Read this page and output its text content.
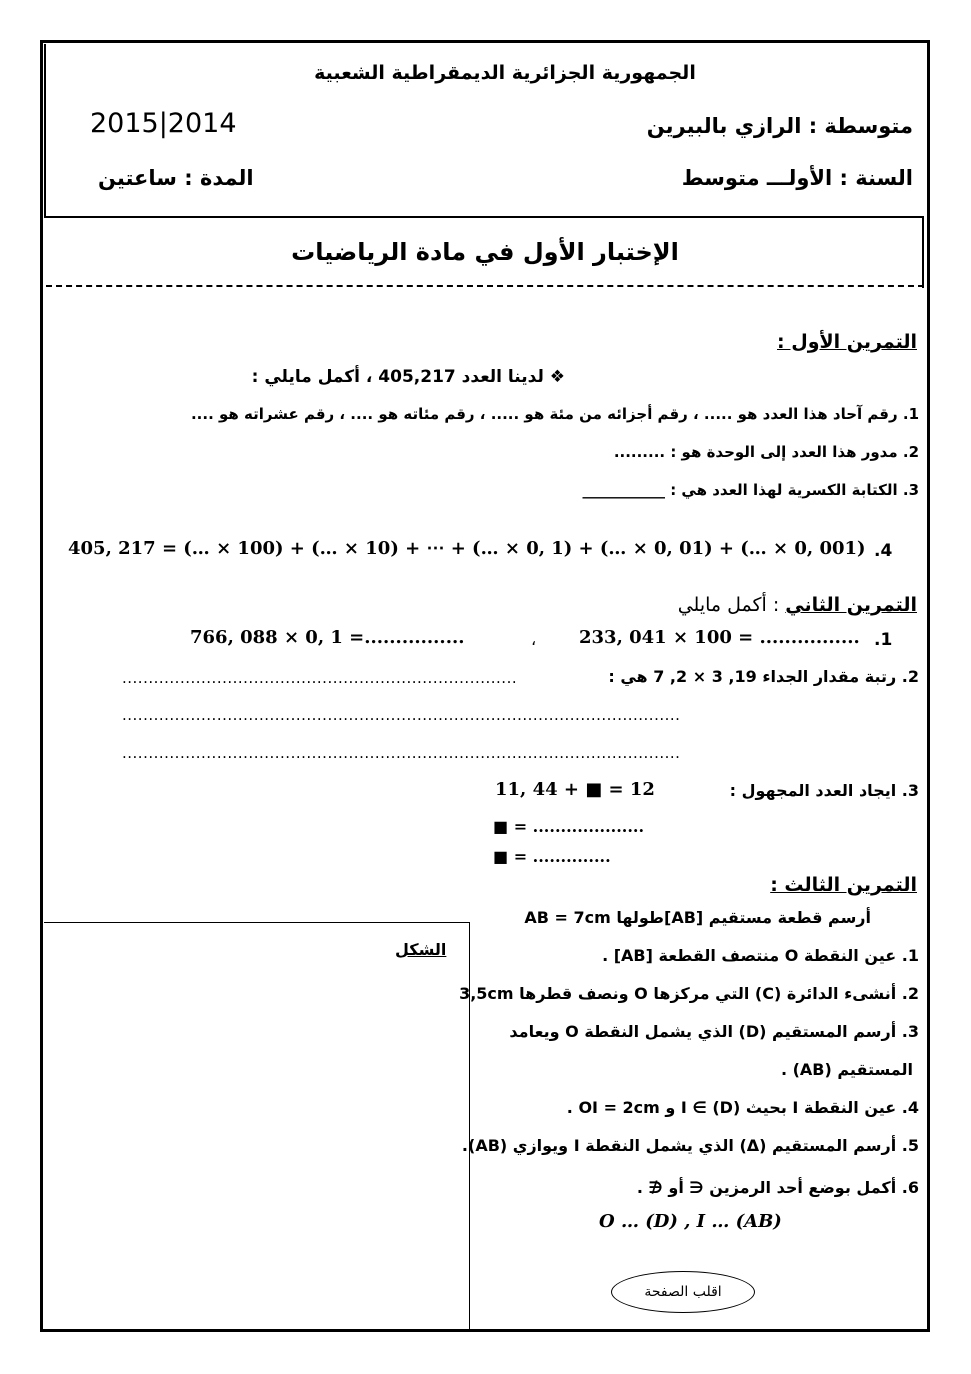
الجمهورية الجزائرية الديمقراطية الشعبية
متوسطة : الرازي بالبيرين
2015|2014
السنة : الأولـــ متوسط
المدة : ساعتين
الإختبار الأول في مادة الرياضيات
التمرين الأول :
❖ لدينا العدد 405,217 ، أكمل مايلي :
1. رقم آحاد هذا العدد هو ..... ، رقم أجزائه من مئة هو ..... ، رقم مئاته هو .... ، رقم عشراته هو ....
2. مدور هذا العدد إلى الوحدة هو : .........
3. الكتابة الكسرية لهذا العدد هي : ___________
.4
405, 217 = (… × 100) + (… × 10) + ⋯ + (… × 0, 1) + (… × 0, 01) + (… × 0, 001)
التمرين الثاني : أكمل مايلي
.1
233, 041 × 100 = ................
،
766, 088 × 0, 1 =................
2. رتبة مقدار الجداء 19, 3 × 2, 7 هي :
...........................................................................
..........................................................................................................
..........................................................................................................
3. ايجاد العدد المجهول :
11, 44 + ■ = 12
■ = ....................
■ = ..............
التمرين الثالث :
أرسم قطعة مستقيم [AB]طولها AB = 7cm
1. عين النقطة O منتصف القطعة [AB] .
2. أنشىء الدائرة (C) التي مركزها O ونصف قطرها 3,5cm
3. أرسم المستقيم (D) الذي يشمل النقطة O ويعامد
المستقيم (AB) .
4. عين النقطة I بحيث I ∈ (D) و OI = 2cm .
5. أرسم المستقيم (Δ) الذي يشمل النقطة I ويوازي (AB).
6. أكمل بوضع أحد الرمزين ∈ أو ∉ .
O … (D) , I … (AB)
الشكل
اقلب الصفحة
